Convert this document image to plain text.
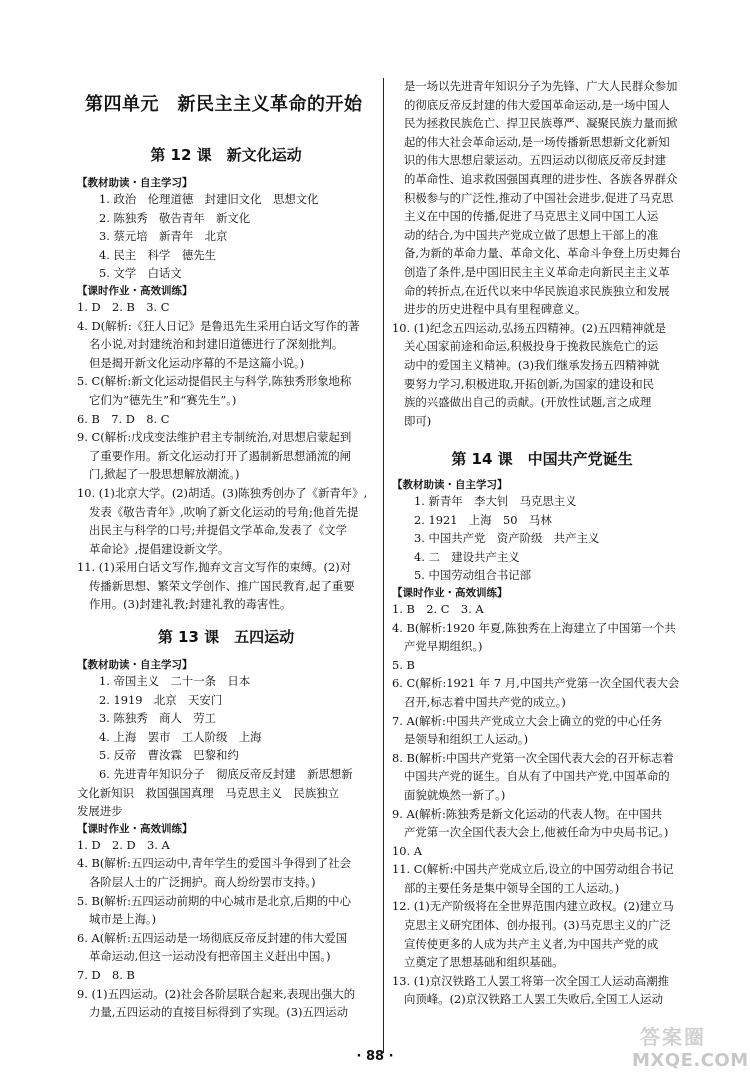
第四单元　新民主主义革命的开始
第 12 课　新文化运动
【教材助读・自主学习】
1. 政治　伦理道德　封建旧文化　思想文化
2. 陈独秀　敬告青年　新文化
3. 蔡元培　新青年　北京
4. 民主　科学　德先生
5. 文学　白话文
【课时作业・高效训练】
1. D　2. B　3. C
4. D(解析:《狂人日记》是鲁迅先生采用白话文写作的著
名小说,对封建统治和封建旧道德进行了深刻批判。
但是揭开新文化运动序幕的不是这篇小说。)
5. C(解析:新文化运动提倡民主与科学,陈独秀形象地称
它们为“德先生”和“赛先生”。)
6. B　7. D　8. C
9. C(解析:戊戌变法维护君主专制统治,对思想启蒙起到
了重要作用。新文化运动打开了遏制新思想涌流的闸
门,掀起了一股思想解放潮流。)
10. (1)北京大学。(2)胡适。(3)陈独秀创办了《新青年》,
发表《敬告青年》,吹响了新文化运动的号角;他首先提
出民主与科学的口号;并提倡文学革命,发表了《文学
革命论》,提倡建设新文学。
11. (1)采用白话文写作,抛弃文言文写作的束缚。(2)对
传播新思想、繁荣文学创作、推广国民教育,起了重要
作用。(3)封建礼教;封建礼教的毒害性。
第 13 课　五四运动
【教材助读・自主学习】
1. 帝国主义　二十一条　日本
2. 1919　北京　天安门
3. 陈独秀　商人　劳工
4. 上海　罢市　工人阶级　上海
5. 反帝　曹汝霖　巴黎和约
6. 先进青年知识分子　彻底反帝反封建　新思想新
文化新知识　救国强国真理　马克思主义　民族独立
发展进步
【课时作业・高效训练】
1. D　2. D　3. A
4. B(解析:五四运动中,青年学生的爱国斗争得到了社会
各阶层人士的广泛拥护。商人纷纷罢市支持。)
5. B(解析:五四运动前期的中心城市是北京,后期的中心
城市是上海。)
6. A(解析:五四运动是一场彻底反帝反封建的伟大爱国
革命运动,但这一运动没有把帝国主义赶出中国。)
7. D　8. B
9. (1)五四运动。(2)社会各阶层联合起来,表现出强大的
力量,五四运动的直接目标得到了实现。(3)五四运动
是一场以先进青年知识分子为先锋、广大人民群众参加
的彻底反帝反封建的伟大爱国革命运动,是一场中国人
民为拯救民族危亡、捍卫民族尊严、凝聚民族力量而掀
起的伟大社会革命运动,是一场传播新思想新文化新知
识的伟大思想启蒙运动。五四运动以彻底反帝反封建
的革命性、追求救国强国真理的进步性、各族各界群众
积极参与的广泛性,推动了中国社会进步,促进了马克思
主义在中国的传播,促进了马克思主义同中国工人运
动的结合,为中国共产党成立做了思想上干部上的准
备,为新的革命力量、革命文化、革命斗争登上历史舞台
创造了条件,是中国旧民主主义革命走向新民主主义革
命的转折点,在近代以来中华民族追求民族独立和发展
进步的历史进程中具有里程碑意义。
10. (1)纪念五四运动,弘扬五四精神。(2)五四精神就是
关心国家前途和命运,积极投身于挽救民族危亡的运
动中的爱国主义精神。(3)我们继承发扬五四精神就
要努力学习,积极进取,开拓创新,为国家的建设和民
族的兴盛做出自己的贡献。(开放性试题,言之成理
即可)
第 14 课　中国共产党诞生
【教材助读・自主学习】
1. 新青年　李大钊　马克思主义
2. 1921　上海　50　马林
3. 中国共产党　资产阶级　共产主义
4. 二　建设共产主义
5. 中国劳动组合书记部
【课时作业・高效训练】
1. B　2. C　3. A
4. B(解析:1920 年夏,陈独秀在上海建立了中国第一个共
产党早期组织。)
5. B
6. C(解析:1921 年 7 月,中国共产党第一次全国代表大会
召开,标志着中国共产党的成立。)
7. A(解析:中国共产党成立大会上确立的党的中心任务
是领导和组织工人运动。)
8. B(解析:中国共产党第一次全国代表大会的召开标志着
中国共产党的诞生。自从有了中国共产党,中国革命的
面貌就焕然一新了。)
9. A(解析:陈独秀是新文化运动的代表人物。在中国共
产党第一次全国代表大会上,他被任命为中央局书记。)
10. A
11. C(解析:中国共产党成立后,设立的中国劳动组合书记
部的主要任务是集中领导全国的工人运动。)
12. (1)无产阶级将在全世界范围内建立政权。(2)建立马
克思主义研究团体、创办报刊。(3)马克思主义的广泛
宣传使更多的人成为共产主义者,为中国共产党的成
立奠定了思想基础和组织基础。
13. (1)京汉铁路工人罢工将第一次全国工人运动高潮推
向顶峰。(2)京汉铁路工人罢工失败后,全国工人运动
· 88 ·
答案圈
MXQE.COM
